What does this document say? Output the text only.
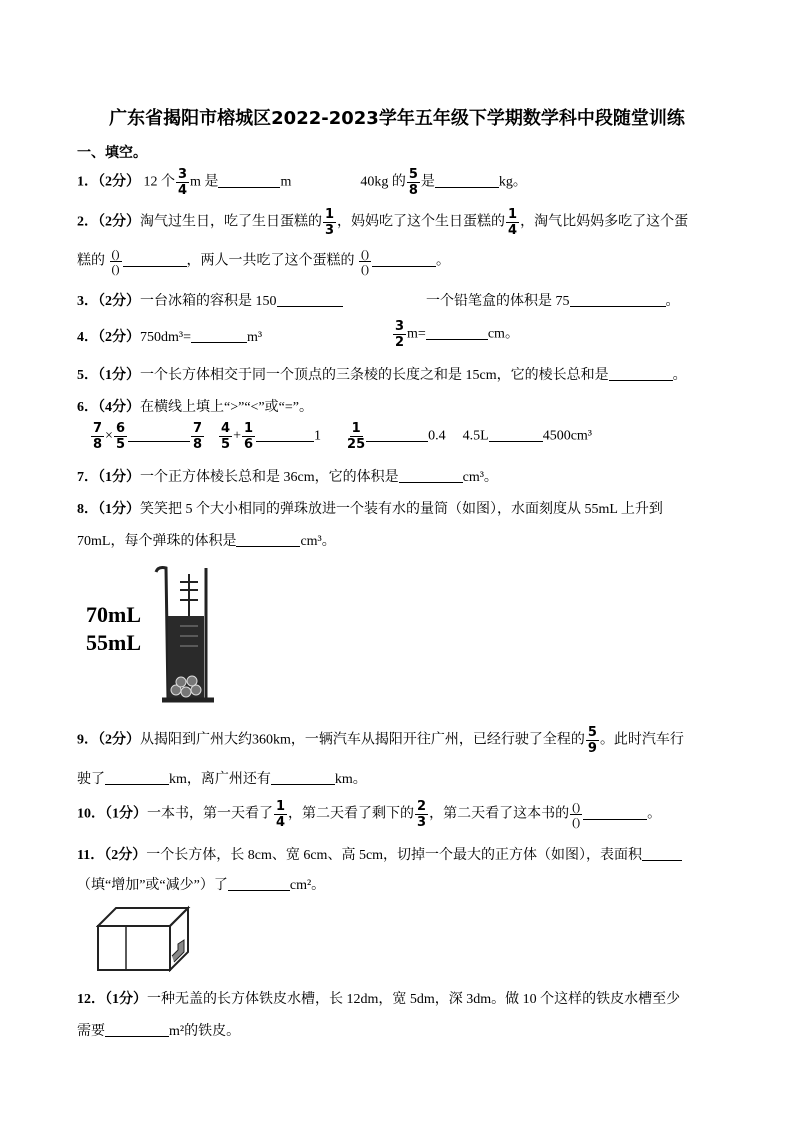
广东省揭阳市榕城区2022-2023学年五年级下学期数学科中段随堂训练
一、填空。
1．（2分） 12 个 $\frac{3}{4}$ m 是	m	40kg 的 $\frac{5}{8}$ 是	kg。
2．（2分）淘气过生日，吃了生日蛋糕的 $\frac{1}{3}$ ，妈妈吃了这个生日蛋糕的 $\frac{1}{4}$ ，淘气比妈妈多吃了这个蛋
糕的 $\frac{()}{()}$	，两人一共吃了这个蛋糕的 $\frac{()}{()}$	。
3．（2分）一台冰箱的容积是 150	一个铅笔盒的体积是 75	。
4．（2分）750dm³=	m³	$\frac{3}{2} m=$	cm。
5．（1分）一个长方体相交于同一个顶点的三条棱的长度之和是 15cm，它的棱长总和是	。
6．（4分）在横线上填上“>”“<”或“=”。
$\frac{7}{8} \times \frac{6}{5}$	$\frac{7}{8}$
$\frac{4}{5} + \frac{1}{6}$	$1 \frac{1}{25}$	0.4 4.5L	4500cm³
7．（1分）一个正方体棱长总和是 36cm，它的体积是	cm³。
8．（1分）笑笑把 5 个大小相同的弹珠放进一个装有水的量筒（如图），水面刻度从 55mL 上升到
70mL，每个弹珠的体积是	cm³。
70mL
55mL
9．（2分）从揭阳到广州大约360km，一辆汽车从揭阳开往广州，已经行驶了全程的 $\frac{5}{9}$ 。此时汽车行
驶了	km，离广州还有	km。
10．（1分）一本书，第一天看了 $\frac{1}{4}$ ，第二天看了剩下的 $\frac{2}{3}$ ，第二天看了这本书的 $\frac{()}{()}$	。
11．（2分）一个长方体，长 8cm、宽 6cm、高 5cm，切掉一个最大的正方体（如图），表面积
（填“增加”或“减少”）了	cm²。
12．（1分）一种无盖的长方体铁皮水槽，长 12dm，宽 5dm，深 3dm。做 10 个这样的铁皮水槽至少
需要	m²的铁皮。
